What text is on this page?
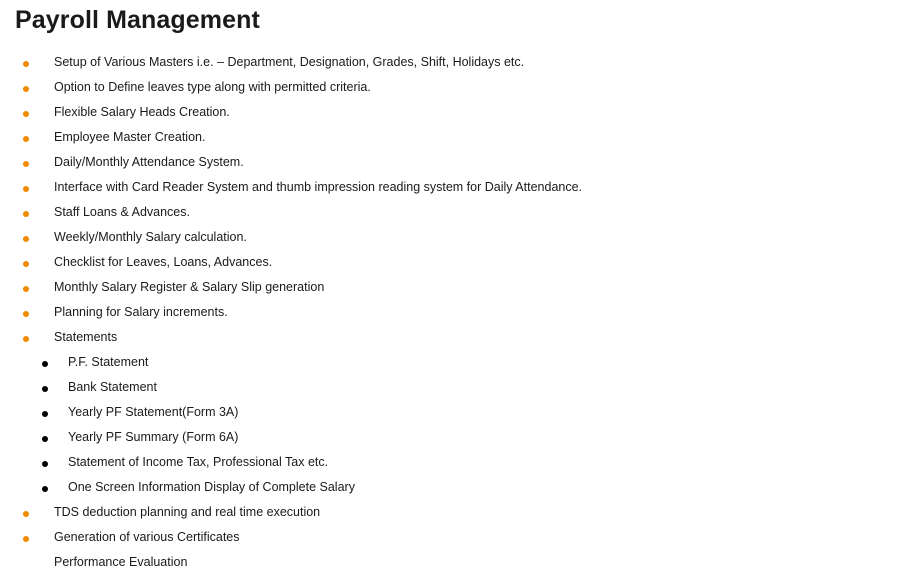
Payroll Management
Setup of Various Masters i.e. – Department, Designation, Grades, Shift, Holidays etc.
Option to Define leaves type along with permitted criteria.
Flexible Salary Heads Creation.
Employee Master Creation.
Daily/Monthly Attendance System.
Interface with Card Reader System and thumb impression reading system for Daily Attendance.
Staff Loans & Advances.
Weekly/Monthly Salary calculation.
Checklist for Leaves, Loans, Advances.
Monthly Salary Register & Salary Slip generation
Planning for Salary increments.
Statements
P.F. Statement
Bank Statement
Yearly PF Statement(Form 3A)
Yearly PF Summary (Form 6A)
Statement of Income Tax, Professional Tax etc.
One Screen Information Display of Complete Salary
TDS deduction planning and real time execution
Generation of various Certificates
Performance Evaluation
